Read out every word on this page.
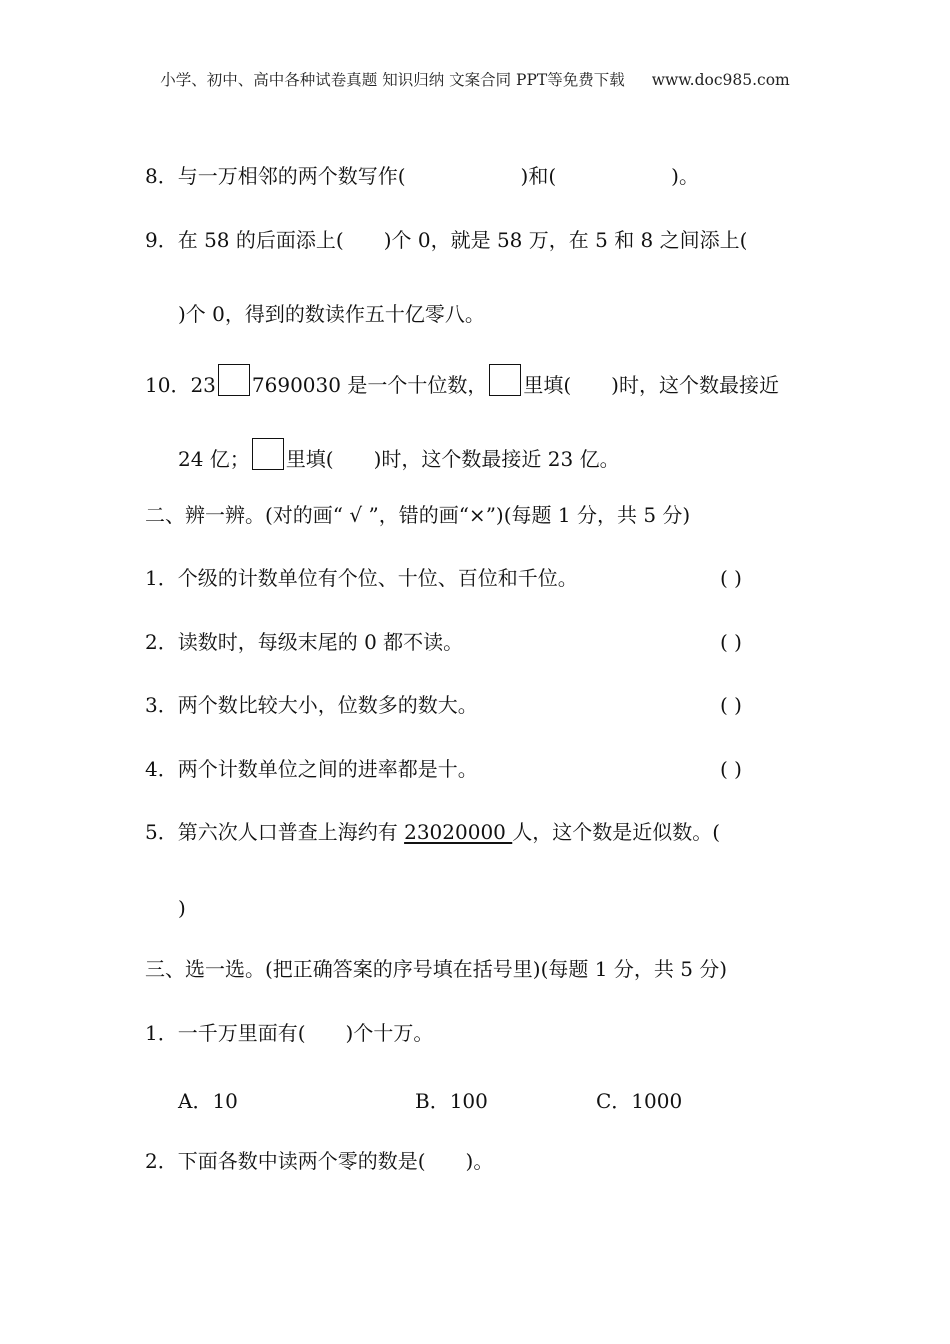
小学、初中、高中各种试卷真题 知识归纳 文案合同 PPT等免费下载 www.doc985.com
8．与一万相邻的两个数写作(	)和(	)。
9．在 58 的后面添上( )个 0，就是 58 万，在 5 和 8 之间添上(
)个 0，得到的数读作五十亿零八。
10．23 7690030 是一个十位数， 里填( )时，这个数最接近
24 亿； 里填( )时，这个数最接近 23 亿。
二、辨一辨。(对的画“ √ ”，错的画“×”)(每题 1 分，共 5 分)
1．个级的计数单位有个位、十位、百位和千位。	( )
2．读数时，每级末尾的 0 都不读。	( )
3．两个数比较大小，位数多的数大。	( )
4．两个计数单位之间的进率都是十。	( )
5．第六次人口普查上海约有 23020000 人，这个数是近似数。(
)
三、选一选。(把正确答案的序号填在括号里)(每题 1 分，共 5 分)
1．一千万里面有( )个十万。
A．10	B．100	C．1000
2．下面各数中读两个零的数是( )。
